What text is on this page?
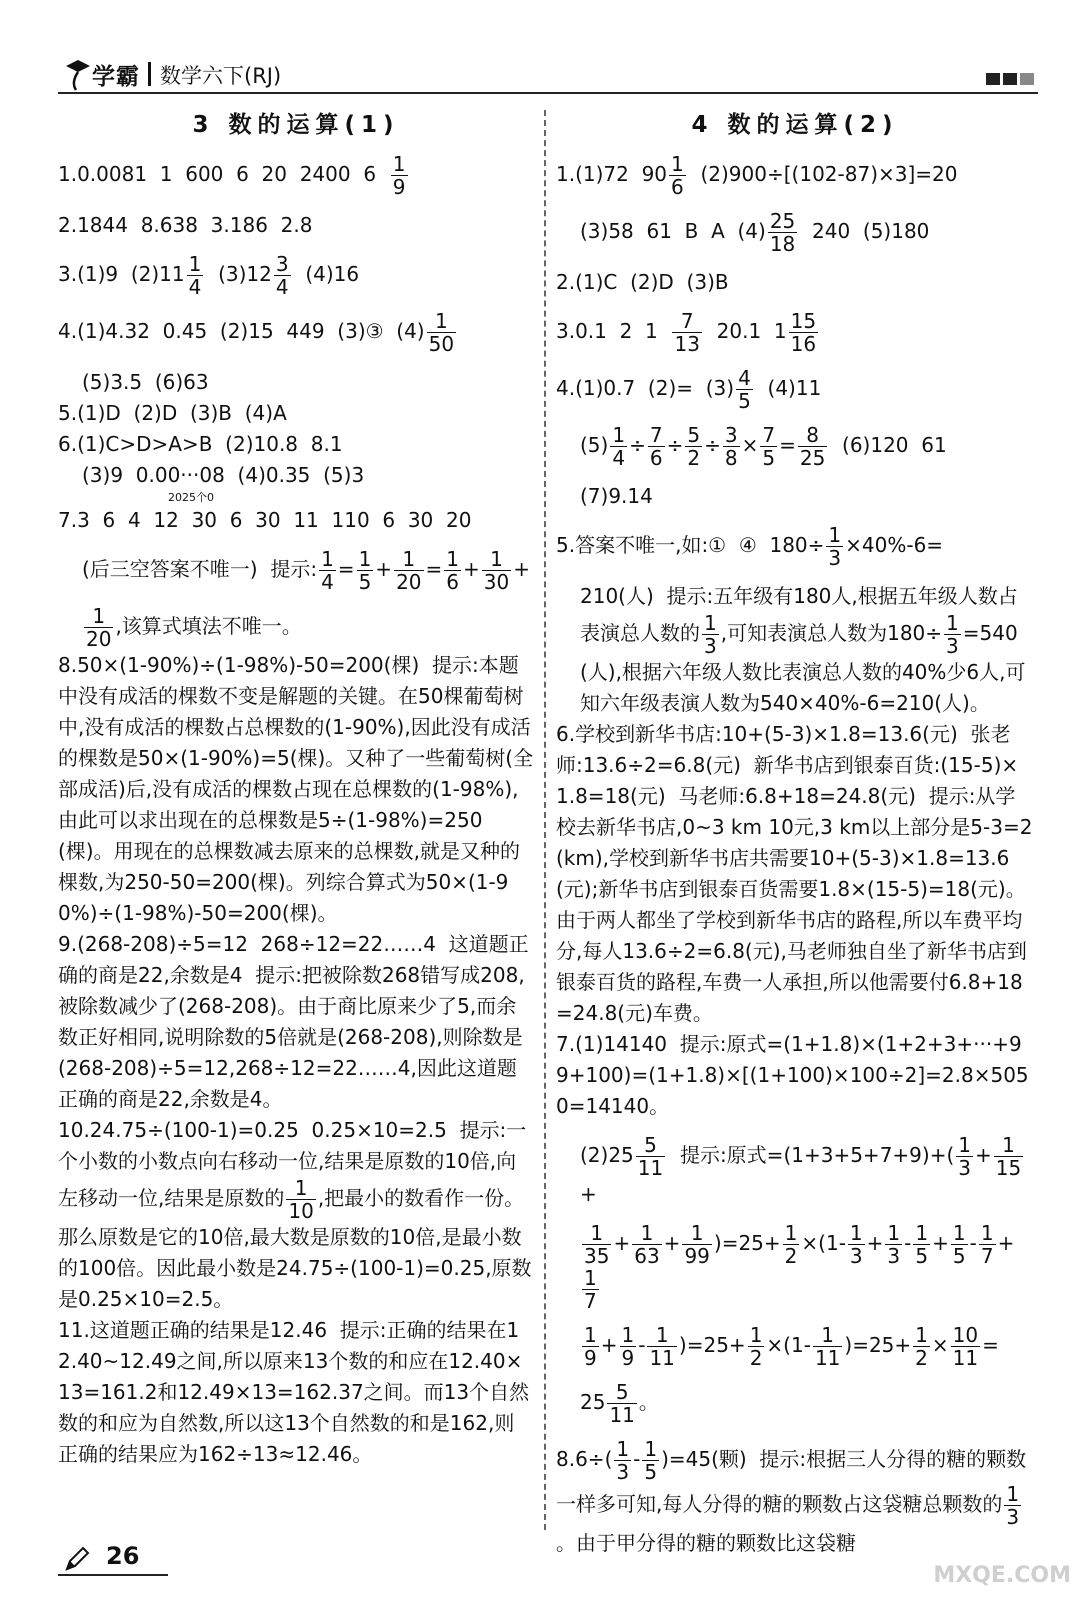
学霸 数学六下(RJ)
3 数的运算(1)
1.0.0081  1  600  6  20  2400  $6 \frac{1}{9}$
2.1844  8.638  3.186  2.8
3.(1)9  $(2)11 \frac{1}{4} (3)12 \frac{3}{4} (4)16$
4.(1)4.32  0.45  (2)15  449  (3)③  $(4) \frac{1}{50}$
(5)3.5  (6)63
5.(1)D  (2)D  (3)B  (4)A
6.(1)C>D>A>B  (2)10.8  8.1
(3)9  0.00···08  (4)0.35  (5)3
2025个0
7.3  6  4  12  30  6  30  11  110  6  30  20
(后三空答案不唯一)  提示: $\frac{1}{4} = \frac{1}{5} + \frac{1}{20} = \frac{1}{6} + \frac{1}{30}$ +
$\frac{1}{20}$ ,该算式填法不唯一。
8.50×(1-90%)÷(1-98%)-50=200(棵)  提示:本题中没有成活的棵数不变是解题的关键。在50棵葡萄树中,没有成活的棵数占总棵数的(1-90%),因此没有成活的棵数是50×(1-90%)=5(棵)。又种了一些葡萄树(全部成活)后,没有成活的棵数占现在总棵数的(1-98%),由此可以求出现在的总棵数是5÷(1-98%)=250(棵)。用现在的总棵数减去原来的总棵数,就是又种的棵数,为250-50=200(棵)。列综合算式为50×(1-90%)÷(1-98%)-50=200(棵)。
9.(268-208)÷5=12  268÷12=22……4  这道题正确的商是22,余数是4  提示:把被除数268错写成208,被除数减少了(268-208)。由于商比原来少了5,而余数正好相同,说明除数的5倍就是(268-208),则除数是(268-208)÷5=12,268÷12=22……4,因此这道题正确的商是22,余数是4。
10.24.75÷(100-1)=0.25  0.25×10=2.5  提示:一个小数的小数点向右移动一位,结果是原数的10倍,向左移动一位,结果是原数的 $\frac{1}{10}$ ,把最小的数看作一份。那么原数是它的10倍,最大数是原数的10倍,是最小数的100倍。因此最小数是24.75÷(100-1)=0.25,原数是0.25×10=2.5。
11.这道题正确的结果是12.46  提示:正确的结果在12.40~12.49之间,所以原来13个数的和应在12.40×13=161.2和12.49×13=162.37之间。而13个自然数的和应为自然数,所以这13个自然数的和是162,则正确的结果应为162÷13≈12.46。
4 数的运算(2)
1.(1)72  $90 \frac{1}{6} (2)900\div[(102-87)\times 3]=20$
(3)58  61  B  A  $(4) \frac{25}{18} 240$  (5)180
2.(1)C  (2)D  (3)B
3.0.1  2  $1 \frac{7}{13} 20.1$  $1 \frac{15}{16}$
4.(1)0.7  $(2)= (3) \frac{4}{5} (4)11$
$(5) \frac{1}{4} \div \frac{7}{6} \div \frac{5}{2} \div \frac{3}{8} \times \frac{7}{5} = \frac{8}{25} (6)120$  61
(7)9.14
5.答案不唯一,如:①  ④  $180\div \frac{1}{3} \times 40\%-6=$
210(人)  提示:五年级有180人,根据五年级人数占表演总人数的 $\frac{1}{3}$ ,可知表演总人数为$180\div \frac{1}{3} =540$(人),根据六年级人数比表演总人数的40%少6人,可知六年级表演人数为540×40%-6=210(人)。
6.学校到新华书店:10+(5-3)×1.8=13.6(元)  张老师:13.6÷2=6.8(元)  新华书店到银泰百货:(15-5)×1.8=18(元)  马老师:6.8+18=24.8(元)  提示:从学校去新华书店,0~3 km 10元,3 km以上部分是5-3=2(km),学校到新华书店共需要10+(5-3)×1.8=13.6(元);新华书店到银泰百货需要1.8×(15-5)=18(元)。由于两人都坐了学校到新华书店的路程,所以车费平均分,每人13.6÷2=6.8(元),马老师独自坐了新华书店到银泰百货的路程,车费一人承担,所以他需要付6.8+18=24.8(元)车费。
7.(1)14140  提示:原式=(1+1.8)×(1+2+3+···+99+100)=(1+1.8)×[(1+100)×100÷2]=2.8×5050=14140。
$(2)25 \frac{5}{11}$ 提示:原式$=(1+3+5+7+9)+( \frac{1}{3} + \frac{1}{15}$
+
$\frac{1}{35} + \frac{1}{63} + \frac{1}{99} )=25+ \frac{1}{2} \times(1- \frac{1}{3} + \frac{1}{3} - \frac{1}{5} + \frac{1}{5} - \frac{1}{7}$ +
$\frac{1}{7}$
$\frac{1}{9} + \frac{1}{9} - \frac{1}{11} )=25+ \frac{1}{2} \times(1- \frac{1}{11} )=25+ \frac{1}{2} \times \frac{10}{11}$ =
$25 \frac{5}{11}$ 。
$8.6\div( \frac{1}{3} - \frac{1}{5} )=45$(颗)  提示:根据三人分得的糖的颗数一样多可知,每人分得的糖的颗数占这袋糖总颗数的 $\frac{1}{3}$
。由于甲分得的糖的颗数比这袋糖
26
MXQE.COM
